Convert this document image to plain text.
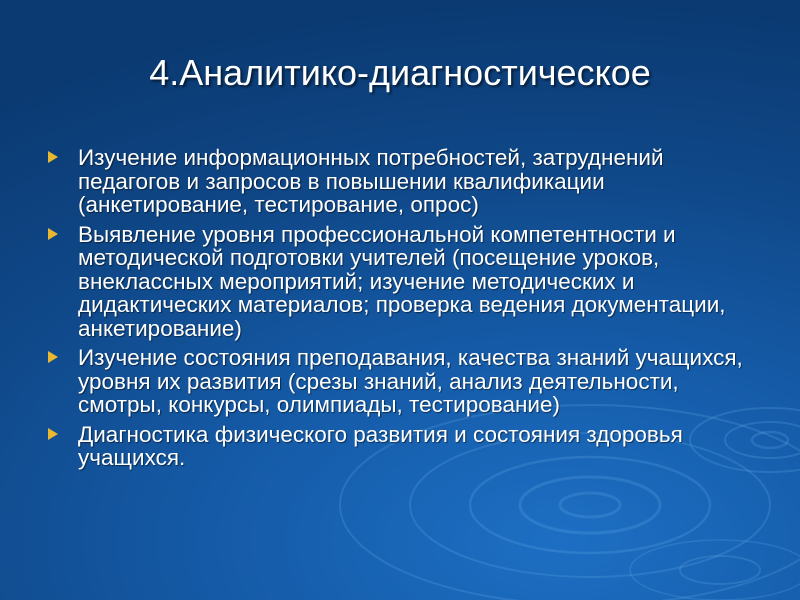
4.Аналитико-диагностическое
Изучение информационных потребностей, затруднений педагогов и запросов в повышении квалификации (анкетирование, тестирование, опрос)
Выявление уровня профессиональной компетентности и методической подготовки учителей (посещение уроков, внеклассных мероприятий; изучение методических и дидактических материалов; проверка ведения документации, анкетирование)
Изучение состояния преподавания, качества знаний учащихся, уровня их развития (срезы знаний, анализ деятельности, смотры, конкурсы, олимпиады, тестирование)
Диагностика физического развития и состояния здоровья учащихся.
